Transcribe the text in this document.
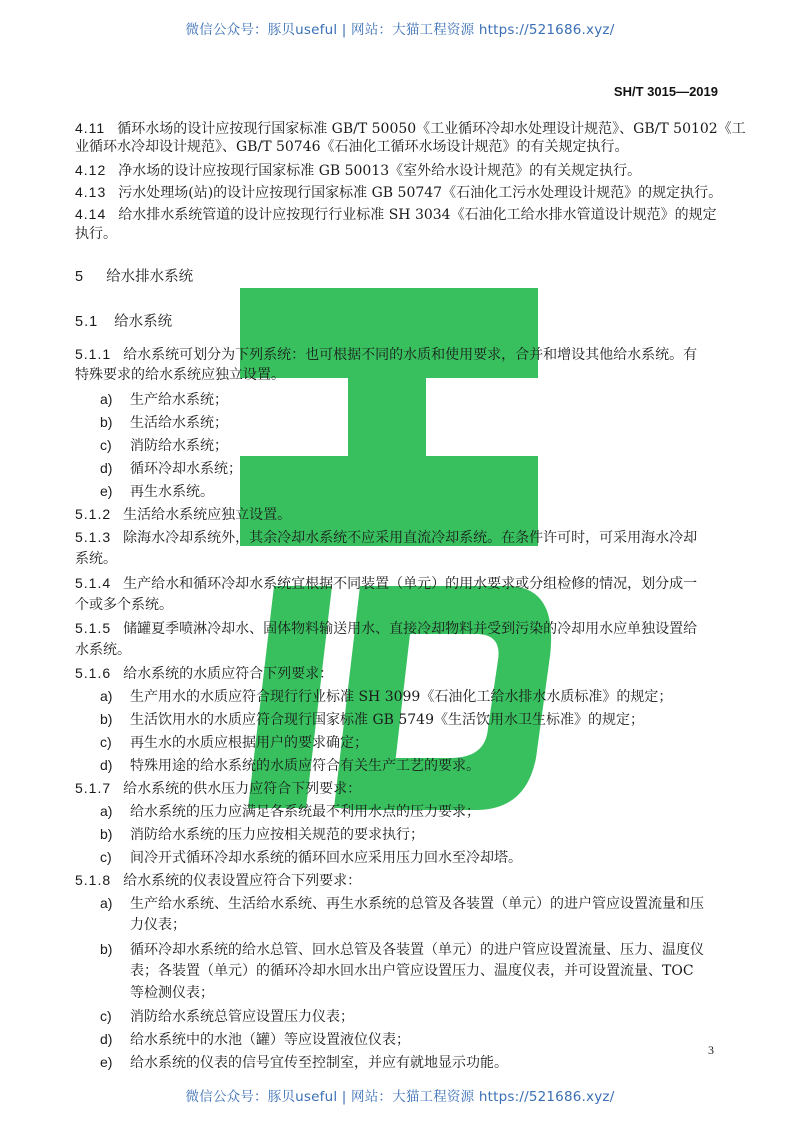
微信公众号：豚贝useful | 网站：大猫工程资源 https://521686.xyz/
SH/T 3015—2019
4.11 循环水场的设计应按现行国家标准 GB/T 50050《工业循环冷却水处理设计规范》、GB/T 50102《工
业循环水冷却设计规范》、GB/T 50746《石油化工循环水场设计规范》的有关规定执行。
4.12 净水场的设计应按现行国家标准 GB 50013《室外给水设计规范》的有关规定执行。
4.13 污水处理场(站)的设计应按现行国家标准 GB 50747《石油化工污水处理设计规范》的规定执行。
4.14 给水排水系统管道的设计应按现行行业标准 SH 3034《石油化工给水排水管道设计规范》的规定
执行。
5 给水排水系统
5.1 给水系统
5.1.1 给水系统可划分为下列系统：也可根据不同的水质和使用要求，合并和增设其他给水系统。有
特殊要求的给水系统应独立设置。
a) 生产给水系统；
b) 生活给水系统；
c) 消防给水系统；
d) 循环冷却水系统；
e) 再生水系统。
5.1.2 生活给水系统应独立设置。
5.1.3 除海水冷却系统外，其余冷却水系统不应采用直流冷却系统。在条件许可时，可采用海水冷却
系统。
5.1.4 生产给水和循环冷却水系统宜根据不同装置（单元）的用水要求或分组检修的情况，划分成一
个或多个系统。
5.1.5 储罐夏季喷淋冷却水、固体物料输送用水、直接冷却物料并受到污染的冷却用水应单独设置给
水系统。
5.1.6 给水系统的水质应符合下列要求：
a) 生产用水的水质应符合现行行业标准 SH 3099《石油化工给水排水水质标准》的规定；
b) 生活饮用水的水质应符合现行国家标准 GB 5749《生活饮用水卫生标准》的规定；
c) 再生水的水质应根据用户的要求确定；
d) 特殊用途的给水系统的水质应符合有关生产工艺的要求。
5.1.7 给水系统的供水压力应符合下列要求：
a) 给水系统的压力应满足各系统最不利用水点的压力要求；
b) 消防给水系统的压力应按相关规范的要求执行；
c) 间冷开式循环冷却水系统的循环回水应采用压力回水至冷却塔。
5.1.8 给水系统的仪表设置应符合下列要求：
a) 生产给水系统、生活给水系统、再生水系统的总管及各装置（单元）的进户管应设置流量和压
力仪表；
b) 循环冷却水系统的给水总管、回水总管及各装置（单元）的进户管应设置流量、压力、温度仪
表；各装置（单元）的循环冷却水回水出户管应设置压力、温度仪表，并可设置流量、TOC
等检测仪表；
c) 消防给水系统总管应设置压力仪表；
d) 给水系统中的水池（罐）等应设置液位仪表；
e) 给水系统的仪表的信号宜传至控制室，并应有就地显示功能。
3
微信公众号：豚贝useful | 网站：大猫工程资源 https://521686.xyz/
